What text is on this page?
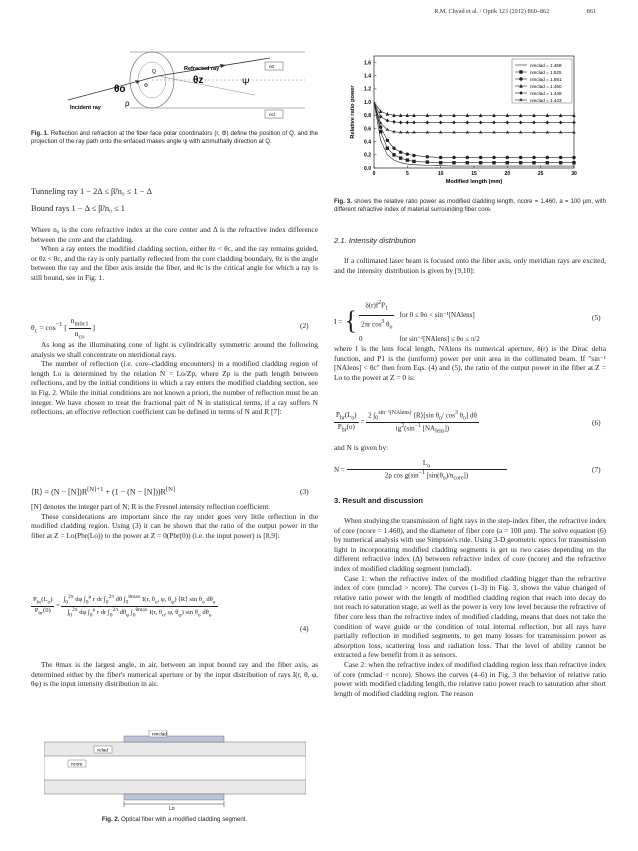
R.M. Chyad et al. / Optik 123 (2012) 860–862	861
Refracted ray
Incident ray
θo
θz	Ψ
ρ
Q
Φ
n0
ncl
Fig. 1. Reflection and refraction at the fiber face polar coordinators (r, Φ) define the position of Q, and the projection of the ray path onto the enfaced makes angle ψ with azimuthally direction at Q.
Tunneling ray 1 − 2Δ ≤ β̃/n₀ ≤ 1 − Δ
Bound rays 1 − Δ ≤ β̃/n₀ ≤ 1

Where n₀ is the core refractive index at the core center and Δ is the refractive index difference between the core and the cladding.

When a ray enters the modified cladding section, either θz < θc, and the ray remains guided, or θz < θc, and the ray is only partially reflected from the core cladding boundary, θz is the angle between the ray and the fiber axis inside the fiber, and θc is the critical angle for which a ray is still bound, see in Fig. 1.

$\theta_c = \cos^{-1}$ [ $\frac{n_{m0c1}}{n_{co}}$ ]	(2)

As long as the illuminating cone of light is cylindrically symmetric around the following analysis we shall concentrate on meridional rays.

The number of reflection (i.e. core–cladding encounters) in a modified cladding region of length Lo is determined by the relation N = Lo/Zp, where Zp is the path length between reflections, and by the initial conditions in which a ray enters the modified cladding section, see in Fig. 2. While the initial conditions are not known a priori, the number of reflection must be an integer. We have chosen to treat the fractional part of N in statistical terms, if a ray suffers N reflections, an effective reflection coefficient can be defined in terms of N and R [7]:

⟨R⟩ = $(N - [N])R^{[N]+1} + (1 - (N - [N]))R[N]$	(3)

[N] denotes the integer part of N; R is the Fresnel intensity reflection coefficient.

These considerations are important since the ray under goes very little reflection in the modified cladding region. Using (3) it can be shown that the ratio of the output power in the fiber at Z = Lo(Pbr(Lo)) to the power at Z = 0(Pbr(0)) (i.e. the input power) is [8,9]:

$\frac{P_{br}(L_o)}{P_{br}(0)}$ =
$\int_0^{2\pi}$ dφ $\int_0^\rho$ r dr $\int_0^{2\pi}$ dθ $\int_0^{\theta max}$ I(r, $\theta_o$, φ, $\theta_\varphi$) ⟨R⟩ $\sin \theta_o$ $d\theta_o$
$\int_0^{2\pi}$ dφ $\int_0^\rho$ r dr $\int_0^{2\pi}$ $d\theta_\varphi$ $\int_0^{\theta max}$ I(r, $\theta_o$, φ, $\theta_\varphi$) $\sin \theta_o$ $d\theta_o$
(4)

The θmax is the largest angle, in air, between an input bound ray and the fiber axis, as determined either by the fiber's numerical aperture or by the input distribution of rays I(r, θ, φ, θφ) is the input intensity distribution in air.

nmclad
nclad
ncore
Lo
Fig. 2. Optical fiber with a modified cladding segment.
0.0
0.2
0.4
0.6
0.8
1.0
1.2
1.4
1.6
0	5	10	15	20	25	30
Modified length (mm)
Relative ratio power
nmclad = 1.468
nmclad = 1.525
nmclad = 1.591
nmclad = 1.450
nmclad = 1.448
nmclad = 1.443
Fig. 3. shows the relative ratio power as modified cladding length, ncore = 1.460, a = 100 μm, with different refractive index of material surrounding fiber core.
2.1. Intensity distribution

If a collimated laser beam is focused onto the fiber axis, only meridian rays are excited, and the intensity distribution is given by [9,10]:

I = { $\frac{\delta(r)f^2P_1}{2\pi r \cos^3 \theta_o}$ for 0 ≤ θo < sin⁻¹[NAlens]
0                     for sin⁻¹[NAlens] ≤ θo ≤ π/2
(5)

where f is the lens focal length, NAlens its numerical aperture, δ(r) is the Dirac delta function, and P1 is the (uniform) power per unit area in the collimated beam. If "sin⁻¹ [NAlens] < θc" then from Eqs. (4) and (5), the ratio of the output power in the fiber at Z = Lo to the power at Z = 0 is:

$\frac{P_{br}(L_o)}{P_{br}(o)} = \frac{2 \int_0^{sin^{-1}(NAlens)} ⟨R⟩[\sin \theta_o/ \cos^3 \theta_o] d\theta}{tg^2(\sin^{-1} [NA_{lens}])}$	(6)

and N is given by:

$N = \frac{L_o}{2\rho \cos g(\sin^{-1} [\sin(\theta_o)/n_{core}])}$	(7)
3. Result and discussion

When studying the transmission of light rays in the step-index fiber, the refractive index of core (ncore = 1.460), and the diameter of fiber core (a = 100 μm). The solve equation (6) by numerical analysis with use Simpson's rule. Using 3-D geometric optics for transmission light in incorporating modified cladding segments is get us two cases depending on the different refractive index (Δ) between refractive index of core (ncore) and the refractive index of modified cladding segment (nmclad).

Case 1: when the refractive index of the modified cladding bigger than the refractive index of core (nmclad > ncore). The curves (1–3) in Fig. 3, shows the value changed of relative ratio power with the length of modified cladding region that reach into decay do not reach to saturation stage, as well as the power is very low level because the refractive of fiber core less than the refractive index of modified cladding, means that does not take the condition of wave guide or the condition of total internal reflection, but all rays have partially reflection in modified segments, to get many losses for transmission power as absorption loss, scattering loss and radiation loss. That the level of ability cannot be extracted a few benefit from it as sensors.

Case 2: when the refractive index of modified cladding region less than refractive index of core (nmclad < ncore). Shows the curves (4–6) in Fig. 3 the behavior of relative ratio power with modified cladding length, the relative ratio power reach to saturation after short length of modified cladding region. The reason
